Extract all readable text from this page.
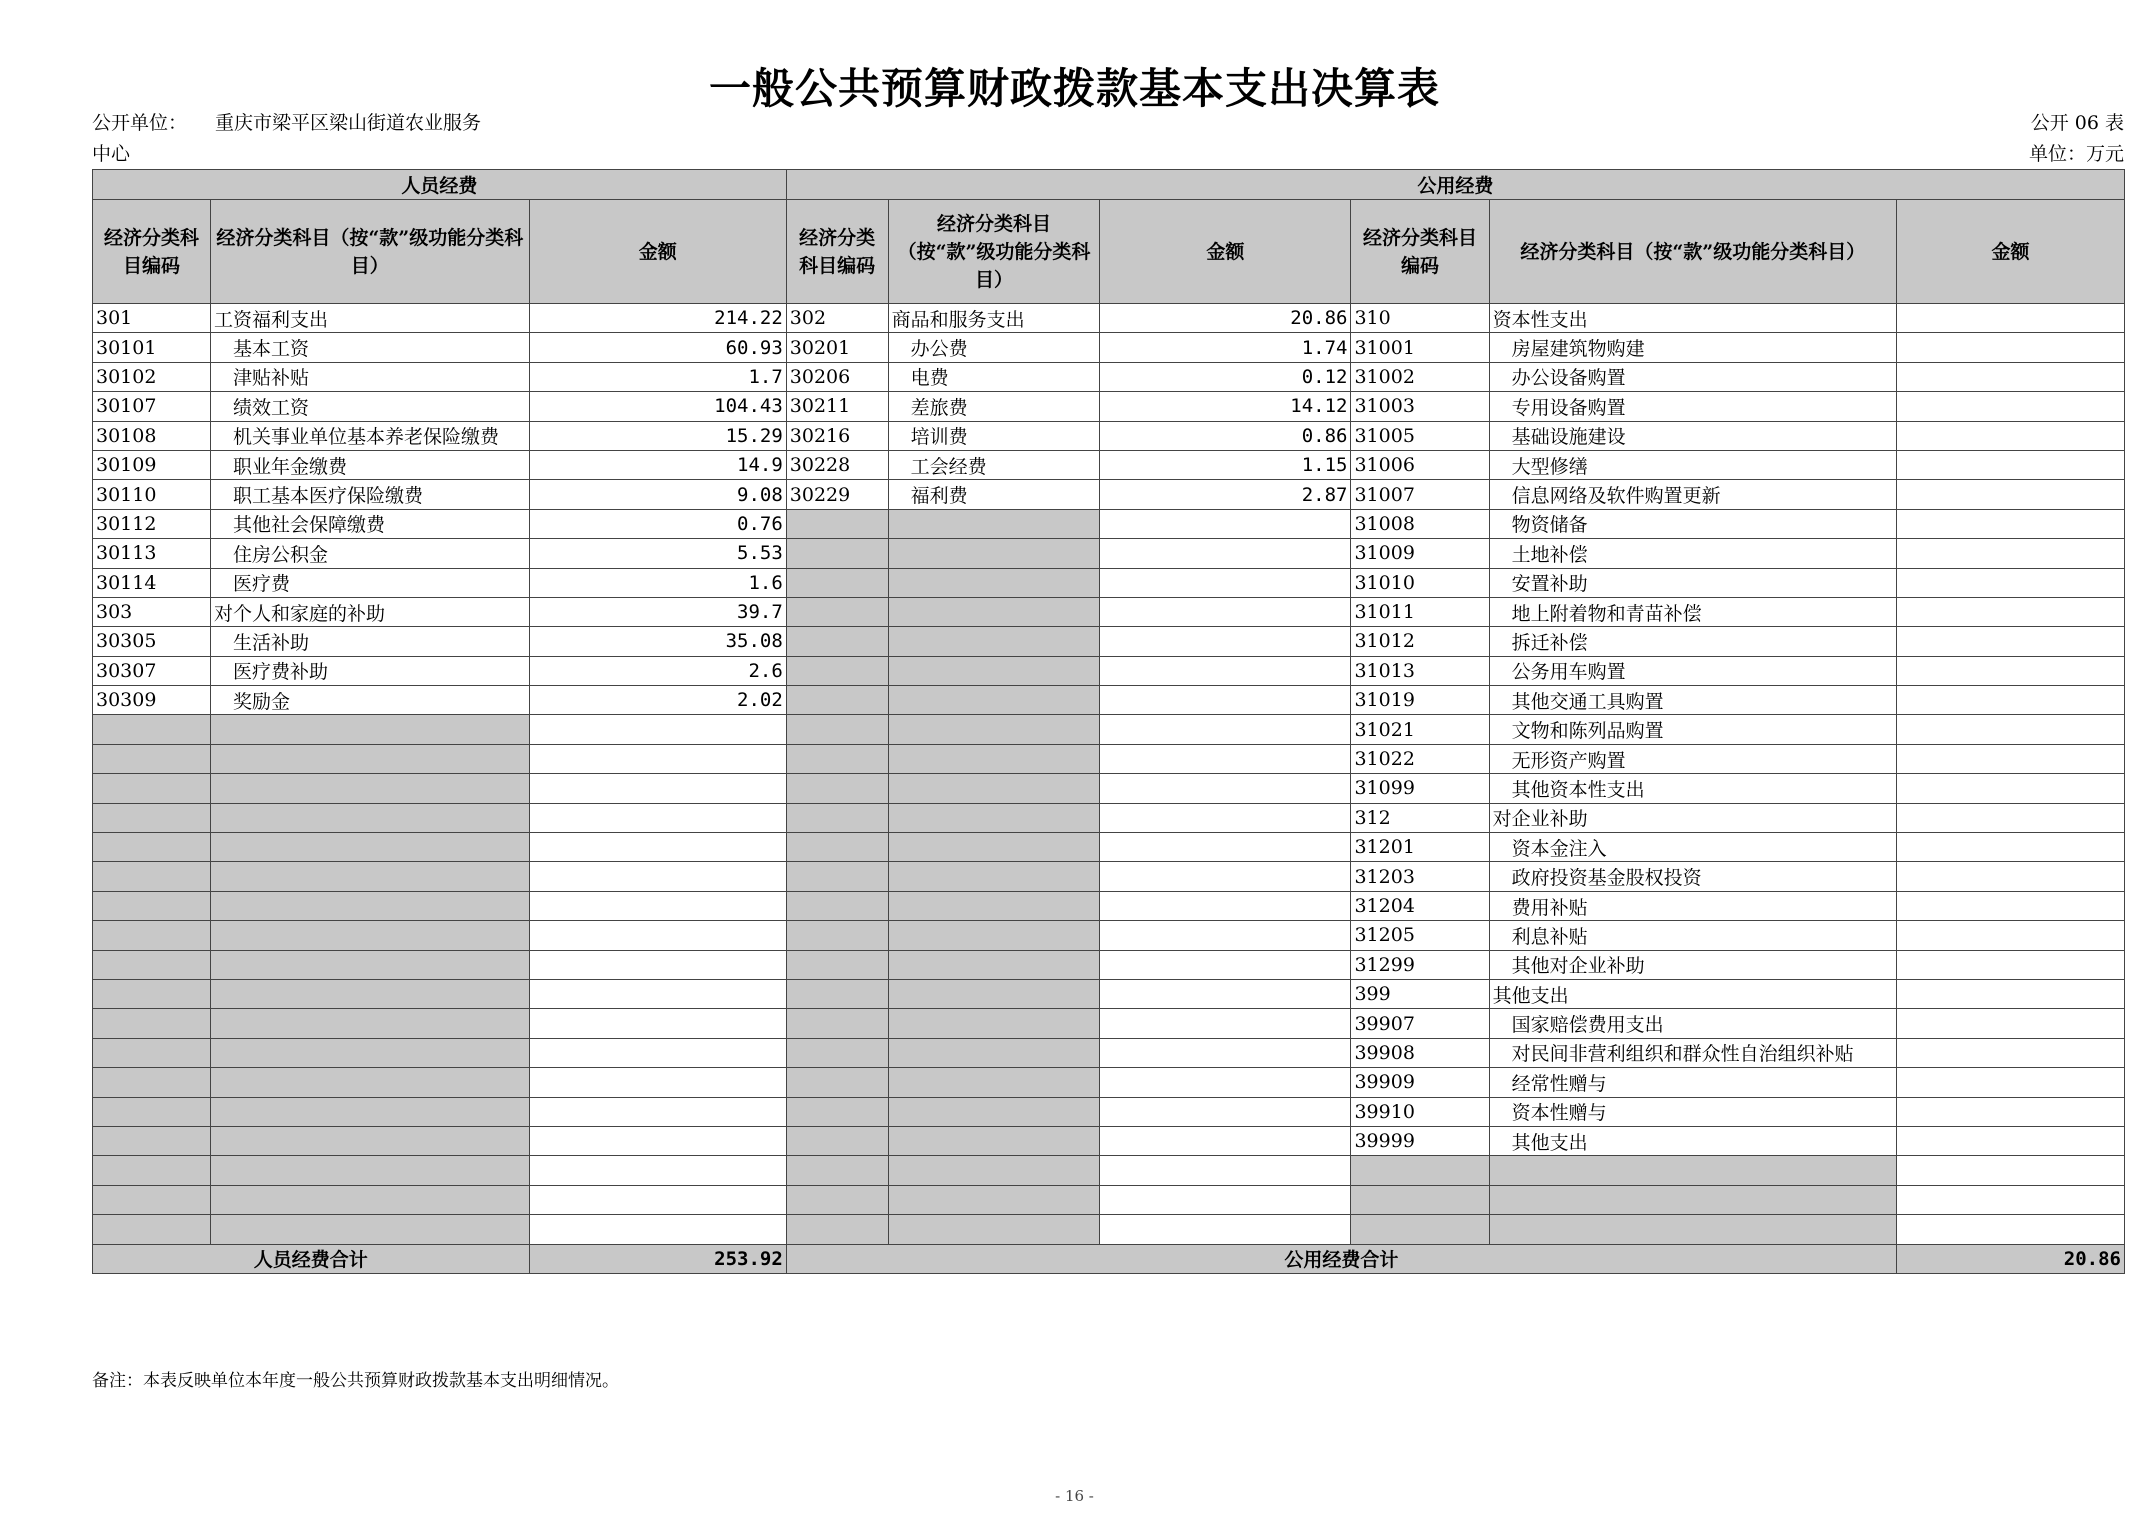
一般公共预算财政拨款基本支出决算表
公开单位： 重庆市梁平区梁山街道农业服务
中心
公开 06 表
单位：万元
人员经费			公用经费					
经济分类科目编码	经济分类科目（按“款”级功能分类科目）	金额	经济分类科目编码	经济分类科目（按“款”级功能分类科目）	金额	经济分类科目编码	经济分类科目（按“款”级功能分类科目）	金额
301	工资福利支出	214.22	302	商品和服务支出	20.86	310	资本性支出	
30101	基本工资	60.93	30201	办公费	1.74	31001	房屋建筑物购建	
30102	津贴补贴	1.7	30206	电费	0.12	31002	办公设备购置	
30107	绩效工资	104.43	30211	差旅费	14.12	31003	专用设备购置	
30108	机关事业单位基本养老保险缴费	15.29	30216	培训费	0.86	31005	基础设施建设	
30109	职业年金缴费	14.9	30228	工会经费	1.15	31006	大型修缮	
30110	职工基本医疗保险缴费	9.08	30229	福利费	2.87	31007	信息网络及软件购置更新	
30112	其他社会保障缴费	0.76				31008	物资储备	
30113	住房公积金	5.53				31009	土地补偿	
30114	医疗费	1.6				31010	安置补助	
303	对个人和家庭的补助	39.7				31011	地上附着物和青苗补偿	
30305	生活补助	35.08				31012	拆迁补偿	
30307	医疗费补助	2.6				31013	公务用车购置	
30309	奖励金	2.02				31019	其他交通工具购置	
						31021	文物和陈列品购置	
						31022	无形资产购置	
						31099	其他资本性支出	
						312	对企业补助	
						31201	资本金注入	
						31203	政府投资基金股权投资	
						31204	费用补贴	
						31205	利息补贴	
						31299	其他对企业补助	
						399	其他支出	
						39907	国家赔偿费用支出	
						39908	对民间非营利组织和群众性自治组织补贴	
						39909	经常性赠与	
						39910	资本性赠与	
						39999	其他支出	

人员经费合计		253.92	公用经费合计					20.86
备注：本表反映单位本年度一般公共预算财政拨款基本支出明细情况。
- 16 -
